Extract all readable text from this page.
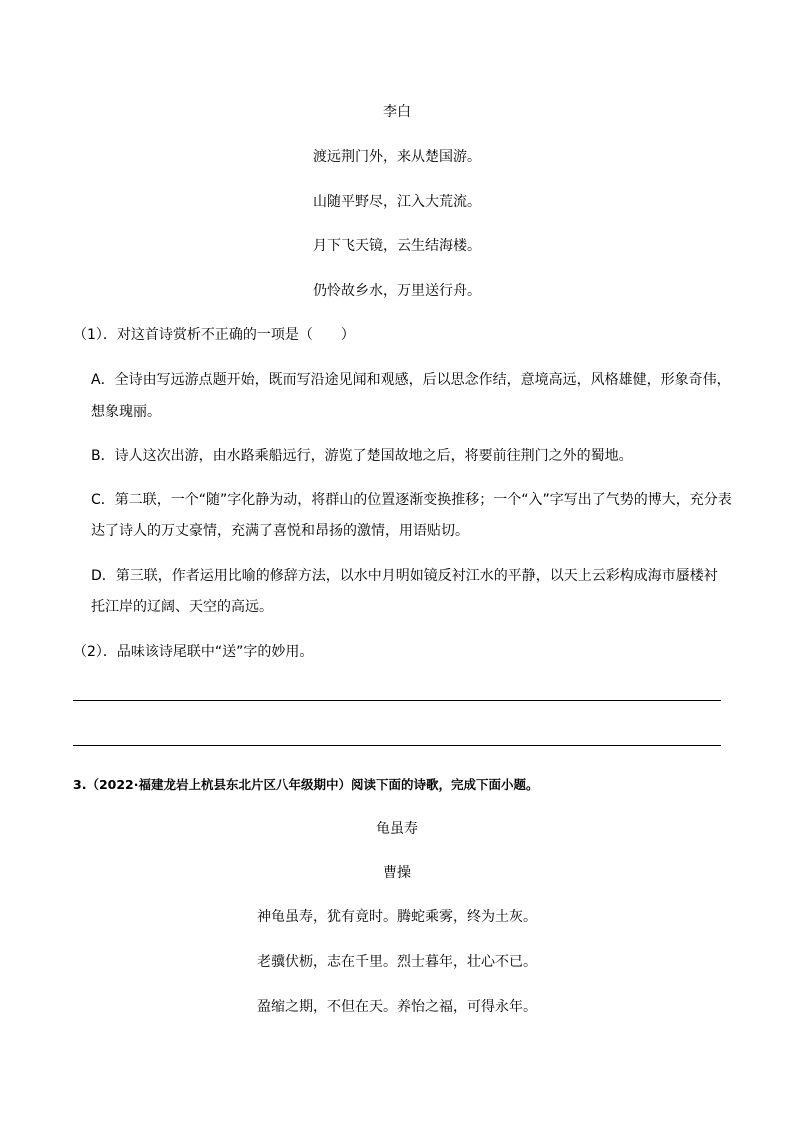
李白
渡远荆门外，来从楚国游。
山随平野尽，江入大荒流。
月下飞天镜，云生结海楼。
仍怜故乡水，万里送行舟。
（1）．对这首诗赏析不正确的一项是（　　）
A．全诗由写远游点题开始，既而写沿途见闻和观感，后以思念作结，意境高远，风格雄健，形象奇伟，
想象瑰丽。
B．诗人这次出游，由水路乘船远行，游览了楚国故地之后，将要前往荆门之外的蜀地。
C．第二联，一个“随”字化静为动，将群山的位置逐渐变换推移；一个“入”字写出了气势的博大，充分表
达了诗人的万丈豪情，充满了喜悦和昂扬的激情，用语贴切。
D．第三联，作者运用比喻的修辞方法，以水中月明如镜反衬江水的平静，以天上云彩构成海市蜃楼衬
托江岸的辽阔、天空的高远。
（2）．品味该诗尾联中“送”字的妙用。
3.（2022·福建龙岩上杭县东北片区八年级期中）阅读下面的诗歌，完成下面小题。
龟虽寿
曹操
神龟虽寿，犹有竟时。腾蛇乘雾，终为土灰。
老骥伏枥，志在千里。烈士暮年，壮心不已。
盈缩之期，不但在天。养怡之福，可得永年。
